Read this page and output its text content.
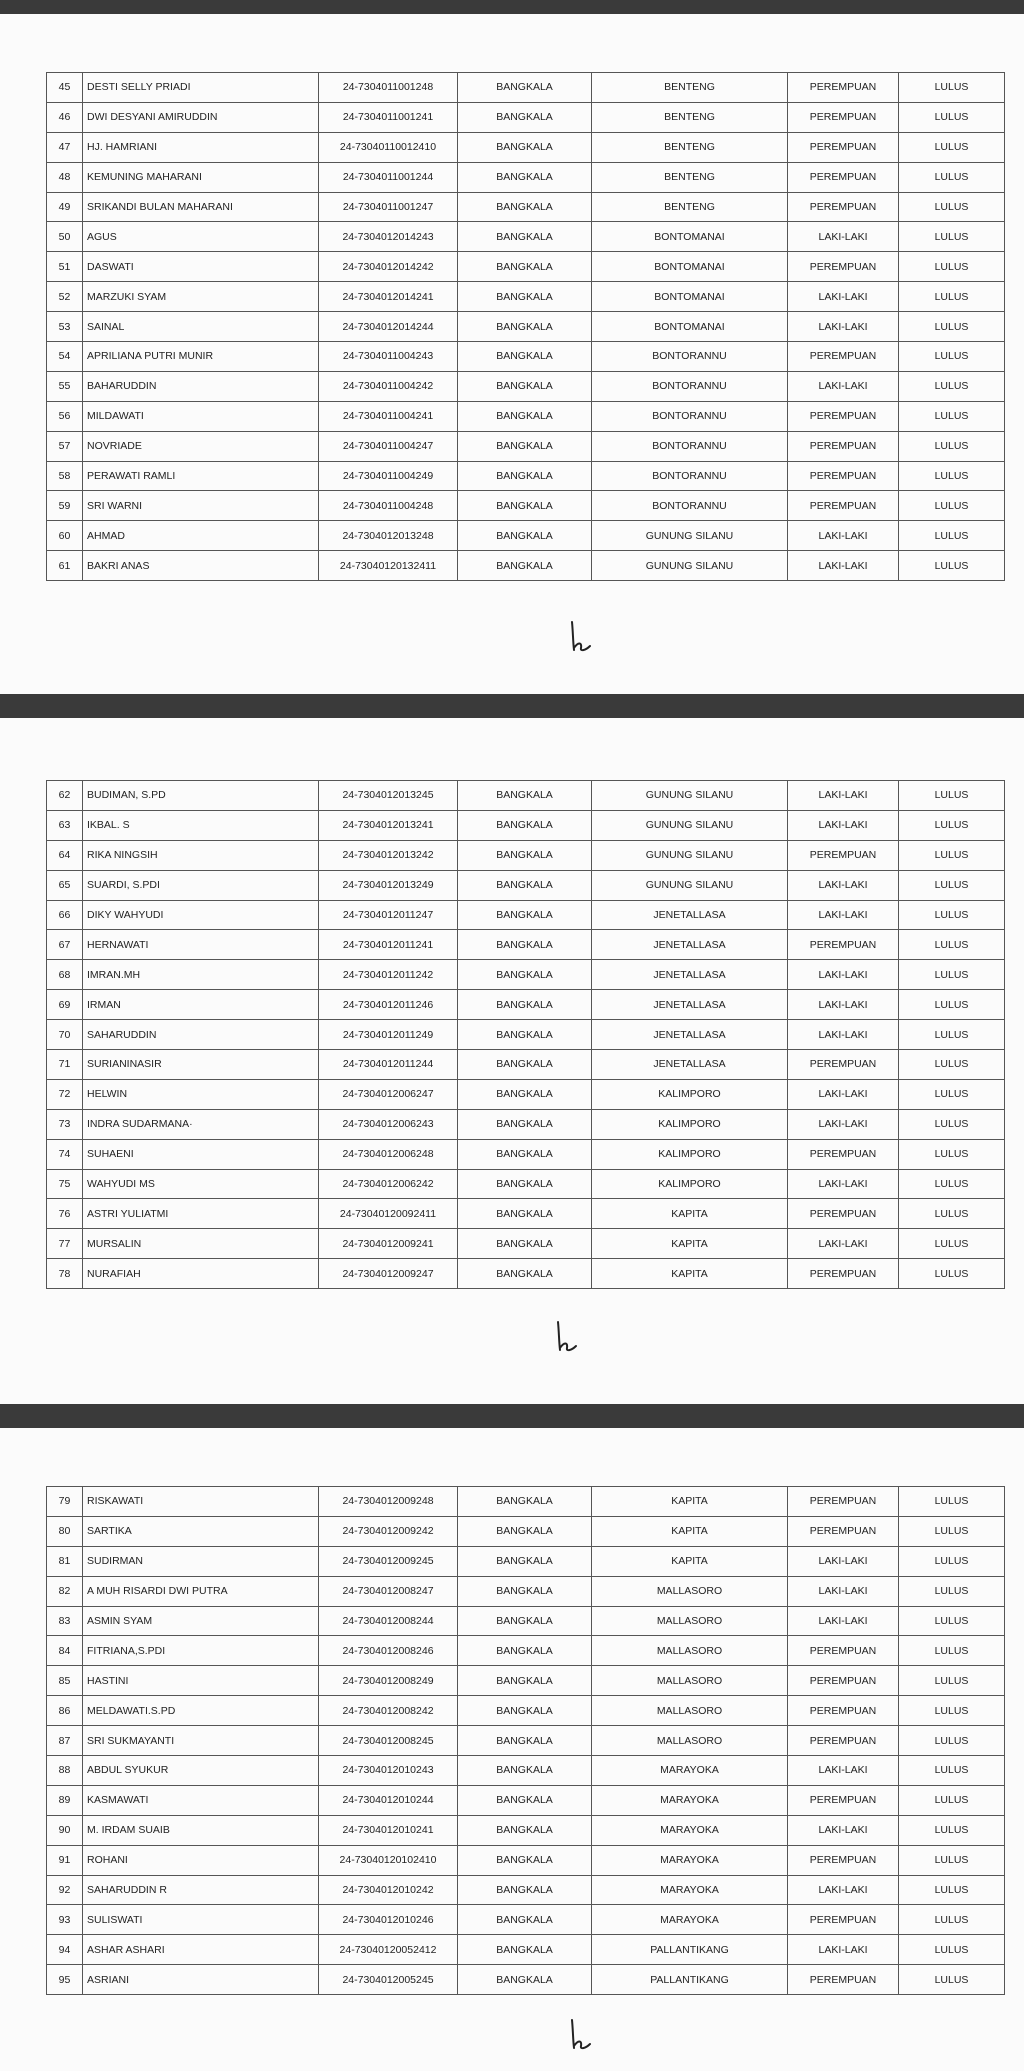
45	DESTI SELLY PRIADI	24-7304011001248	BANGKALA	BENTENG	PEREMPUAN	LULUS
46	DWI DESYANI AMIRUDDIN	24-7304011001241	BANGKALA	BENTENG	PEREMPUAN	LULUS
47	HJ. HAMRIANI	24-73040110012410	BANGKALA	BENTENG	PEREMPUAN	LULUS
48	KEMUNING MAHARANI	24-7304011001244	BANGKALA	BENTENG	PEREMPUAN	LULUS
49	SRIKANDI BULAN MAHARANI	24-7304011001247	BANGKALA	BENTENG	PEREMPUAN	LULUS
50	AGUS	24-7304012014243	BANGKALA	BONTOMANAI	LAKI-LAKI	LULUS
51	DASWATI	24-7304012014242	BANGKALA	BONTOMANAI	PEREMPUAN	LULUS
52	MARZUKI SYAM	24-7304012014241	BANGKALA	BONTOMANAI	LAKI-LAKI	LULUS
53	SAINAL	24-7304012014244	BANGKALA	BONTOMANAI	LAKI-LAKI	LULUS
54	APRILIANA PUTRI MUNIR	24-7304011004243	BANGKALA	BONTORANNU	PEREMPUAN	LULUS
55	BAHARUDDIN	24-7304011004242	BANGKALA	BONTORANNU	LAKI-LAKI	LULUS
56	MILDAWATI	24-7304011004241	BANGKALA	BONTORANNU	PEREMPUAN	LULUS
57	NOVRIADE	24-7304011004247	BANGKALA	BONTORANNU	PEREMPUAN	LULUS
58	PERAWATI RAMLI	24-7304011004249	BANGKALA	BONTORANNU	PEREMPUAN	LULUS
59	SRI WARNI	24-7304011004248	BANGKALA	BONTORANNU	PEREMPUAN	LULUS
60	AHMAD	24-7304012013248	BANGKALA	GUNUNG SILANU	LAKI-LAKI	LULUS
61	BAKRI ANAS	24-73040120132411	BANGKALA	GUNUNG SILANU	LAKI-LAKI	LULUS
62	BUDIMAN, S.PD	24-7304012013245	BANGKALA	GUNUNG SILANU	LAKI-LAKI	LULUS
63	IKBAL. S	24-7304012013241	BANGKALA	GUNUNG SILANU	LAKI-LAKI	LULUS
64	RIKA NINGSIH	24-7304012013242	BANGKALA	GUNUNG SILANU	PEREMPUAN	LULUS
65	SUARDI, S.PDI	24-7304012013249	BANGKALA	GUNUNG SILANU	LAKI-LAKI	LULUS
66	DIKY WAHYUDI	24-7304012011247	BANGKALA	JENETALLASA	LAKI-LAKI	LULUS
67	HERNAWATI	24-7304012011241	BANGKALA	JENETALLASA	PEREMPUAN	LULUS
68	IMRAN.MH	24-7304012011242	BANGKALA	JENETALLASA	LAKI-LAKI	LULUS
69	IRMAN	24-7304012011246	BANGKALA	JENETALLASA	LAKI-LAKI	LULUS
70	SAHARUDDIN	24-7304012011249	BANGKALA	JENETALLASA	LAKI-LAKI	LULUS
71	SURIANINASIR	24-7304012011244	BANGKALA	JENETALLASA	PEREMPUAN	LULUS
72	HELWIN	24-7304012006247	BANGKALA	KALIMPORO	LAKI-LAKI	LULUS
73	INDRA SUDARMANA·	24-7304012006243	BANGKALA	KALIMPORO	LAKI-LAKI	LULUS
74	SUHAENI	24-7304012006248	BANGKALA	KALIMPORO	PEREMPUAN	LULUS
75	WAHYUDI MS	24-7304012006242	BANGKALA	KALIMPORO	LAKI-LAKI	LULUS
76	ASTRI YULIATMI	24-73040120092411	BANGKALA	KAPITA	PEREMPUAN	LULUS
77	MURSALIN	24-7304012009241	BANGKALA	KAPITA	LAKI-LAKI	LULUS
78	NURAFIAH	24-7304012009247	BANGKALA	KAPITA	PEREMPUAN	LULUS
79	RISKAWATI	24-7304012009248	BANGKALA	KAPITA	PEREMPUAN	LULUS
80	SARTIKA	24-7304012009242	BANGKALA	KAPITA	PEREMPUAN	LULUS
81	SUDIRMAN	24-7304012009245	BANGKALA	KAPITA	LAKI-LAKI	LULUS
82	A MUH RISARDI DWI PUTRA	24-7304012008247	BANGKALA	MALLASORO	LAKI-LAKI	LULUS
83	ASMIN SYAM	24-7304012008244	BANGKALA	MALLASORO	LAKI-LAKI	LULUS
84	FITRIANA,S.PDI	24-7304012008246	BANGKALA	MALLASORO	PEREMPUAN	LULUS
85	HASTINI	24-7304012008249	BANGKALA	MALLASORO	PEREMPUAN	LULUS
86	MELDAWATI.S.PD	24-7304012008242	BANGKALA	MALLASORO	PEREMPUAN	LULUS
87	SRI SUKMAYANTI	24-7304012008245	BANGKALA	MALLASORO	PEREMPUAN	LULUS
88	ABDUL SYUKUR	24-7304012010243	BANGKALA	MARAYOKA	LAKI-LAKI	LULUS
89	KASMAWATI	24-7304012010244	BANGKALA	MARAYOKA	PEREMPUAN	LULUS
90	M. IRDAM SUAIB	24-7304012010241	BANGKALA	MARAYOKA	LAKI-LAKI	LULUS
91	ROHANI	24-73040120102410	BANGKALA	MARAYOKA	PEREMPUAN	LULUS
92	SAHARUDDIN R	24-7304012010242	BANGKALA	MARAYOKA	LAKI-LAKI	LULUS
93	SULISWATI	24-7304012010246	BANGKALA	MARAYOKA	PEREMPUAN	LULUS
94	ASHAR ASHARI	24-73040120052412	BANGKALA	PALLANTIKANG	LAKI-LAKI	LULUS
95	ASRIANI	24-7304012005245	BANGKALA	PALLANTIKANG	PEREMPUAN	LULUS
